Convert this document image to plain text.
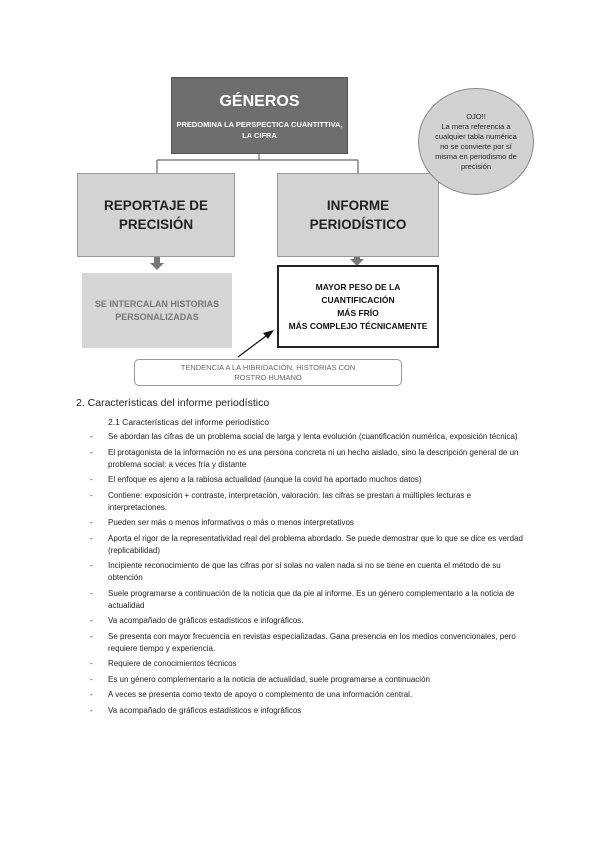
GÉNEROS
PREDOMINA LA PERSPECTICA CUANTITTIVA, LA CIFRA
REPORTAJE DE
PRECISIÓN
INFORME
PERIODÍSTICO
SE INTERCALAN HISTORIAS
PERSONALIZADAS
MAYOR PESO DE LA
CUANTIFICACIÓN
MÁS FRÍO
MÁS COMPLEJO TÉCNICAMENTE
OJO!!
La mera referencia a
cualquier tabla numérica
no se convierte por sí
misma en periodismo de
precisión
TENDENCIA A LA HIBRIDACIÓN, HISTORIAS CON
ROSTRO HUMANO
2. Características del informe periodístico
2.1 Características del informe periodístico
- Se abordan las cifras de un problema social de larga y lenta evolución (cuantificación numérica, exposición técnica)
- El protagonista de la información no es una persona concreta ni un hecho aislado, sino la descripción general de un problema social: a veces fría y distante
- El enfoque es ajeno a la rabiosa actualidad (aunque la covid ha aportado muchos datos)
- Contiene: exposición + contraste, interpretación, valoración. las cifras se prestan a múltiples lecturas e interpretaciones.
- Pueden ser más o menos informativos o más o menos interpretativos
- Aporta el rigor de la representatividad real del problema abordado. Se puede demostrar que lo que se dice es verdad (replicabilidad)
- Incipiente reconocimiento de que las cifras por sí solas no valen nada si no se tiene en cuenta el método de su obtención
- Suele programarse a continuación de la noticia que da pie al informe. Es un género complementario a la noticia de actualidad
- Va acompañado de gráficos estadísticos e infográficos.
- Se presenta con mayor frecuencia en revistas especializadas. Gana presencia en los medios convencionales, pero requiere tiempo y experiencia.
- Requiere de conocimientos técnicos
- Es un género complementario a la noticia de actualidad, suele programarse a continuación
- A veces se presenta como texto de apoyo o complemento de una información central.
- Va acompañado de gráficos estadísticos e infográficos
